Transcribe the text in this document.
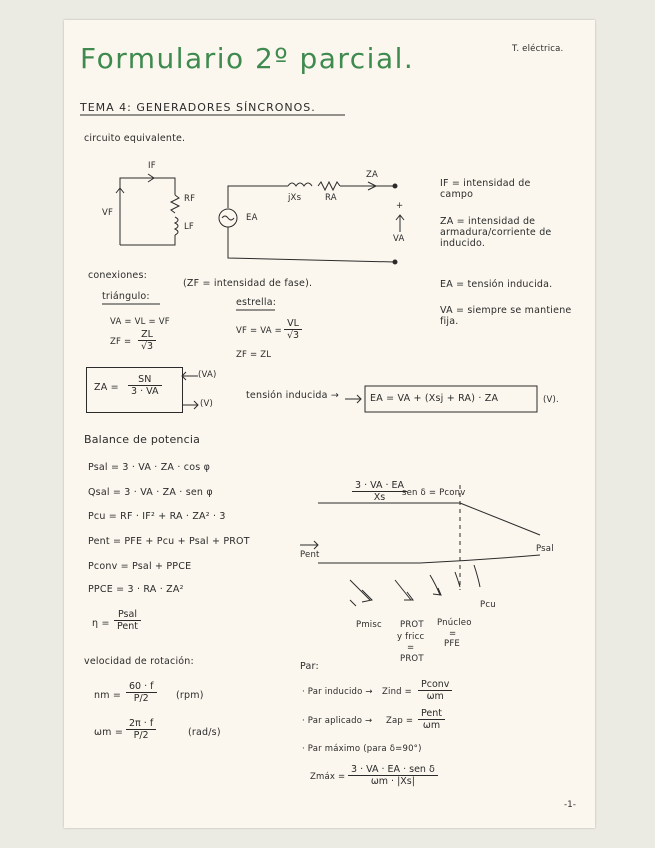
Formulario 2º parcial.	T. eléctrica.
TEMA 4: GENERADORES SÍNCRONOS.
circuito equivalente.
IF
RF
LF
VF
jXs	RA
ZA
EA
VA
+
IF = intensidad de campo
ZA = intensidad de armadura/corriente de inducido.
EA = tensión inducida.
VA = siempre se mantiene fija.
conexiones:
(ZF = intensidad de fase).
triángulo:
VA = VL = VF
ZF = $\frac{ZL}{√3}$
estrella:
VF = VA = $\frac{VL}{√3}$
ZF = ZL
ZA = $\frac{SN}{3 \cdot VA}$	(VA)
(V)
tensión inducida →	EA = VA + (Xsj + RA) · ZA	(V).
Balance de potencia
Psal = 3 · VA · ZA · cos φ
Qsal = 3 · VA · ZA · sen φ
Pcu = RF · IF² + RA · ZA² · 3
Pent = PFE + Pcu + Psal + PROT
Pconv = Psal + PPCE
PPCE = 3 · RA · ZA²
η =
Psal
Pent
$\frac{3 \cdot VA \cdot EA}{Xs}$
sen δ = Pconv
Pent
Psal
Pcu
Pmisc PROT
y fricc
=
PROT
Pnúcleo
=
PFE
velocidad de rotación:
nm = $\frac{60 \cdot f}{P/2} (rpm)$
$\omega m = \frac{2\pi \cdot f}{P/2}$	(rad/s)
Par:
· Par inducido → Zind =
Pconv
ωm
· Par aplicado → Zap =
Pent
ωm
· Par máximo (para δ=90°)
Zmáx =
3 · VA · EA · sen δ
ωm · |Xs|
-1-
